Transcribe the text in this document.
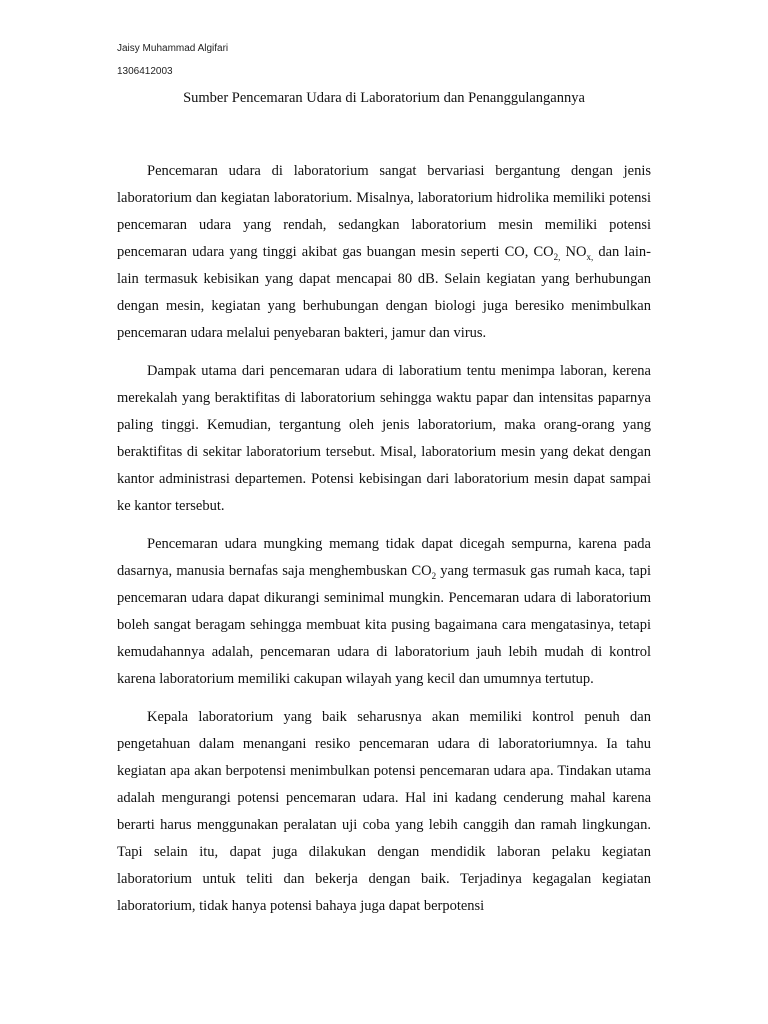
Jaisy Muhammad Algifari
1306412003
Sumber Pencemaran Udara di Laboratorium dan Penanggulangannya

Pencemaran udara di laboratorium sangat bervariasi bergantung dengan jenis laboratorium dan kegiatan laboratorium. Misalnya, laboratorium hidrolika memiliki potensi pencemaran udara yang rendah, sedangkan laboratorium mesin memiliki potensi pencemaran udara yang tinggi akibat gas buangan mesin seperti CO, $CO_{2,}$ $NO_{x,}$ dan lain-lain termasuk kebisikan yang dapat mencapai 80 dB. Selain kegiatan yang berhubungan dengan mesin, kegiatan yang berhubungan dengan biologi juga beresiko menimbulkan pencemaran udara melalui penyebaran bakteri, jamur dan virus.

Dampak utama dari pencemaran udara di laboratium tentu menimpa laboran, kerena merekalah yang beraktifitas di laboratorium sehingga waktu papar dan intensitas paparnya paling tinggi. Kemudian, tergantung oleh jenis laboratorium, maka orang-orang yang beraktifitas di sekitar laboratorium tersebut. Misal, laboratorium mesin yang dekat dengan kantor administrasi departemen. Potensi kebisingan dari laboratorium mesin dapat sampai ke kantor tersebut.

Pencemaran udara mungking memang tidak dapat dicegah sempurna, karena pada dasarnya, manusia bernafas saja menghembuskan $CO_2$ yang termasuk gas rumah kaca, tapi pencemaran udara dapat dikurangi seminimal mungkin. Pencemaran udara di laboratorium boleh sangat beragam sehingga membuat kita pusing bagaimana cara mengatasinya, tetapi kemudahannya adalah, pencemaran udara di laboratorium jauh lebih mudah di kontrol karena laboratorium memiliki cakupan wilayah yang kecil dan umumnya tertutup.

Kepala laboratorium yang baik seharusnya akan memiliki kontrol penuh dan pengetahuan dalam menangani resiko pencemaran udara di laboratoriumnya. Ia tahu kegiatan apa akan berpotensi menimbulkan potensi pencemaran udara apa. Tindakan utama adalah mengurangi potensi pencemaran udara. Hal ini kadang cenderung mahal karena berarti harus menggunakan peralatan uji coba yang lebih canggih dan ramah lingkungan. Tapi selain itu, dapat juga dilakukan dengan mendidik laboran pelaku kegiatan laboratorium untuk teliti dan bekerja dengan baik. Terjadinya kegagalan kegiatan laboratorium, tidak hanya potensi bahaya juga dapat berpotensi
